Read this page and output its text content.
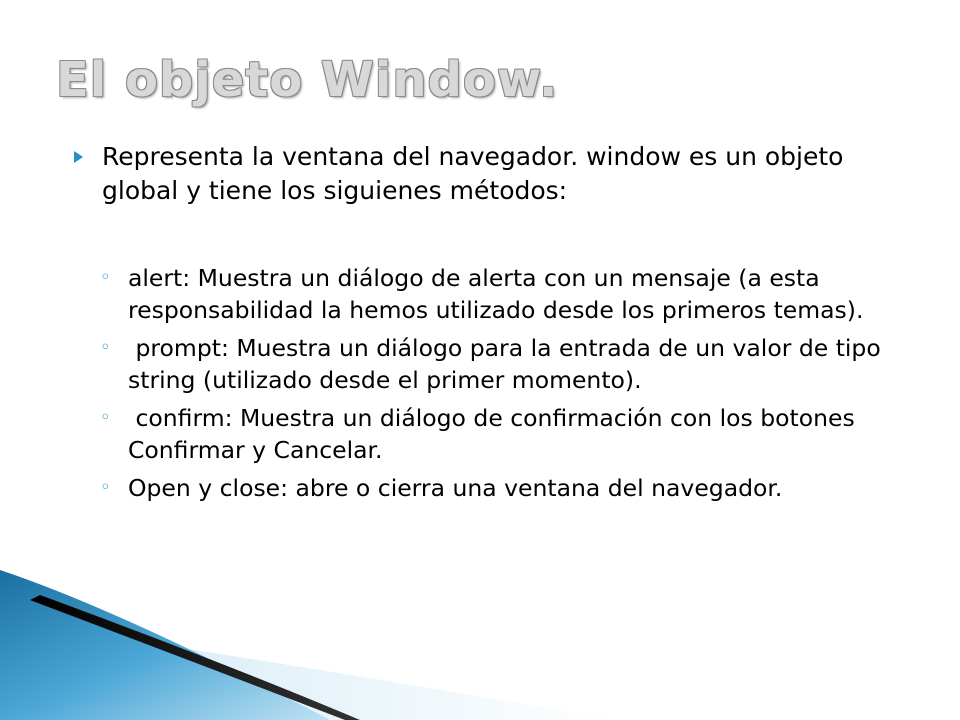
El objeto Window.
Representa la ventana del navegador. window es un objeto global y tiene los siguienes métodos:
◦ alert: Muestra un diálogo de alerta con un mensaje (a esta responsabilidad la hemos utilizado desde los primeros temas).
◦ prompt: Muestra un diálogo para la entrada de un valor de tipo string (utilizado desde el primer momento).
◦ confirm: Muestra un diálogo de confirmación con los botones Confirmar y Cancelar.
◦ Open y close: abre o cierra una ventana del navegador.
